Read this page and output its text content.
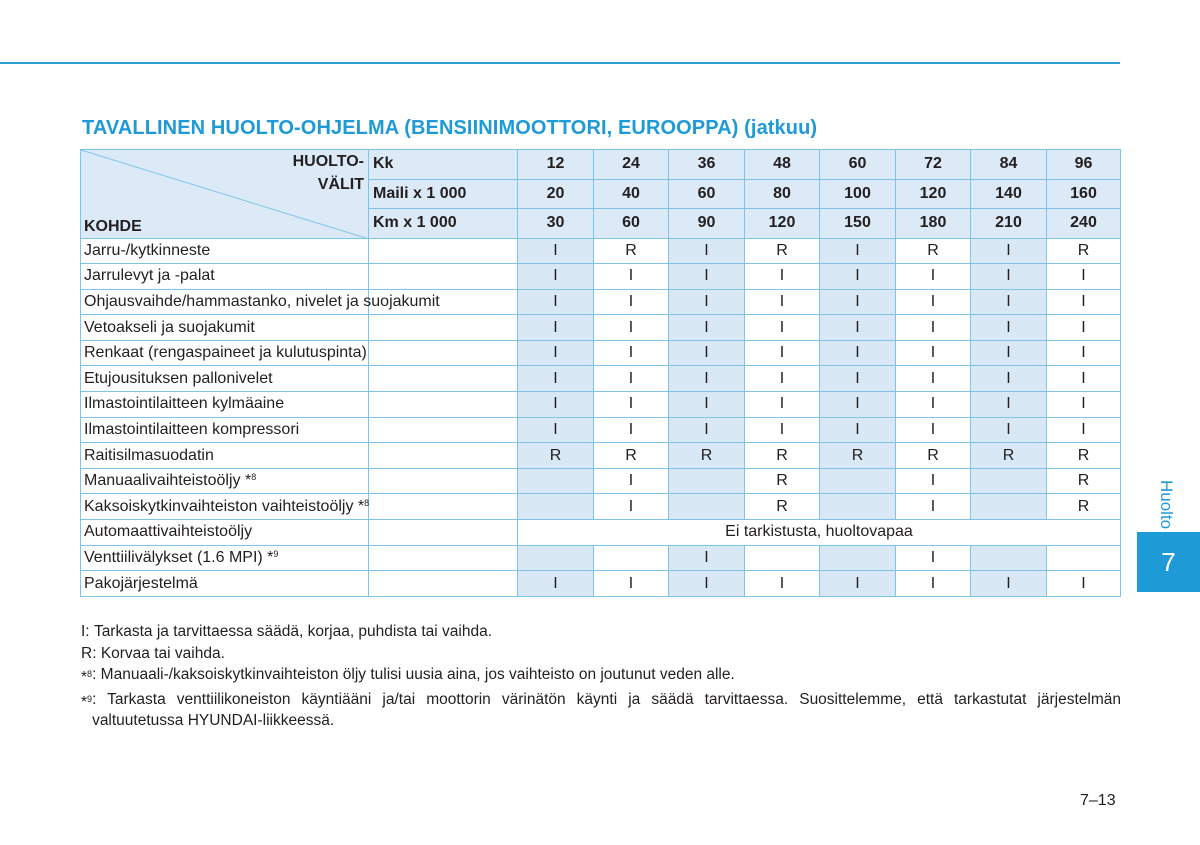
TAVALLINEN HUOLTO-OHJELMA (BENSIINIMOOTTORI, EUROOPPA) (jatkuu)
HUOLTO-
VÄLIT
KOHDE	Kk	12	24	36	48	60	72	84	96
	Maili x 1 000	20	40	60	80	100	120	140	160
	Km x 1 000	30	60	90	120	150	180	210	240
Jarru-/kytkinneste		I	R	I	R	I	R	I	R
Jarrulevyt ja -palat		I	I	I	I	I	I	I	I
Ohjausvaihde/hammastanko, nivelet ja suojakumit		I	I	I	I	I	I	I	I
Vetoakseli ja suojakumit		I	I	I	I	I	I	I	I
Renkaat (rengaspaineet ja kulutuspinta)		I	I	I	I	I	I	I	I
Etujousituksen pallonivelet		I	I	I	I	I	I	I	I
Ilmastointilaitteen kylmäaine		I	I	I	I	I	I	I	I
Ilmastointilaitteen kompressori		I	I	I	I	I	I	I	I
Raitisilmasuodatin		R	R	R	R	R	R	R	R
Manuaalivaihteistoöljy *$^8$			I		R		I		R
Kaksoiskytkinvaihteiston vaihteistoöljy *$^8$			I		R		I		R
Automaattivaihteistoöljy		Ei tarkistusta, huoltovapaa							
Venttiilivälykset (1.6 MPI) *$^9$				I			I		
Pakojärjestelmä		I	I	I	I	I	I	I	I
I:
Tarkasta ja tarvittaessa säädä, korjaa, puhdista tai vaihda.
R:
Korvaa tai vaihda.
*$^8$ : Manuaali-/kaksoiskytkinvaihteiston öljy tulisi uusia aina, jos vaihteisto on joutunut veden alle.
*$^9$ : Tarkasta venttiilikoneiston käyntiääni ja/tai moottorin värinätön käynti ja säädä tarvittaessa. Suosittelemme, että tarkastutat järjestelmän valtuutetussa HYUNDAI-liikkeessä.
Huolto
7
7–13
